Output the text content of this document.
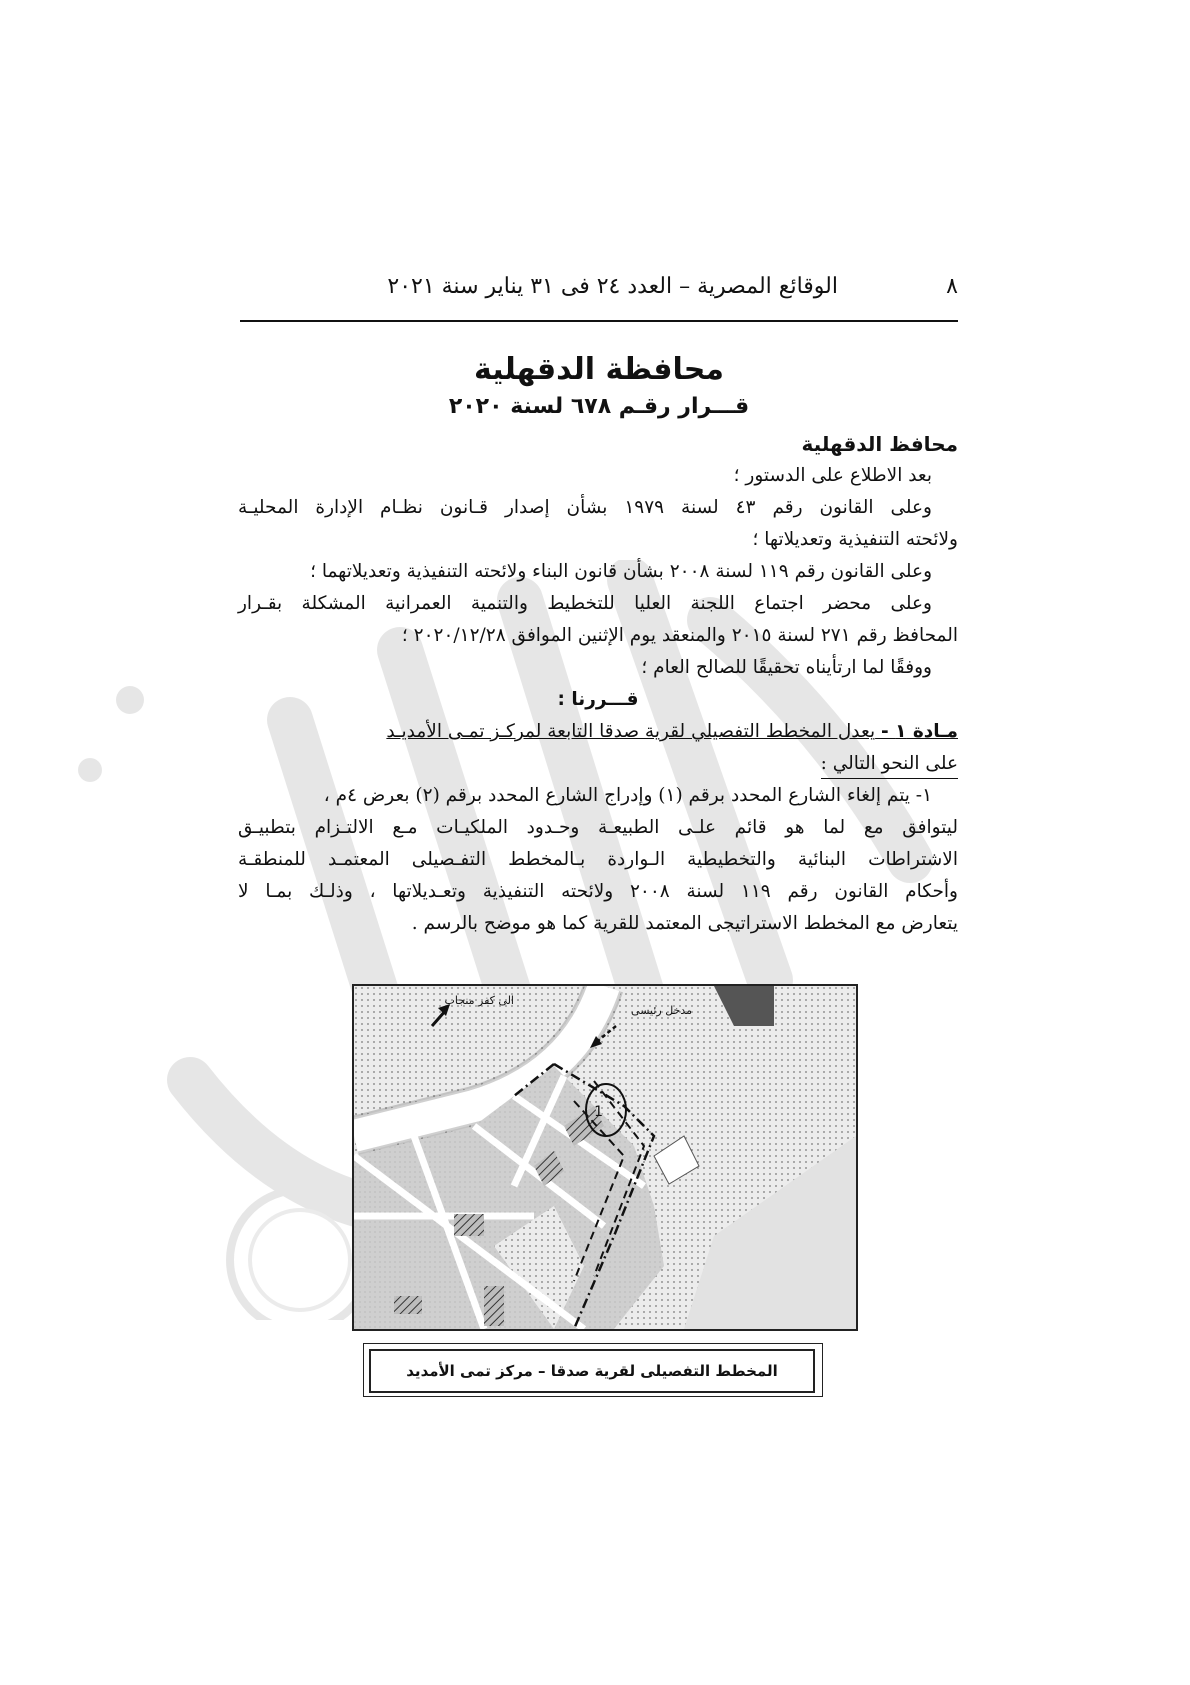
٨
الوقائع المصرية – العدد ٢٤ فى ٣١ يناير سنة ٢٠٢١
محافظة الدقهلية
قـــرار رقـم ٦٧٨ لسنة ٢٠٢٠

محافظ الدقهلية

بعد الاطلاع على الدستور ؛

وعلى القانون رقم ٤٣ لسنة ١٩٧٩ بشأن إصدار قـانون نظـام الإدارة المحليـة

ولائحته التنفيذية وتعديلاتها ؛

وعلى القانون رقم ١١٩ لسنة ٢٠٠٨ بشأن قانون البناء ولائحته التنفيذية وتعديلاتهما ؛

وعلى محضر اجتماع اللجنة العليا للتخطيط والتنمية العمرانية المشكلة بقـرار

المحافظ رقم ٢٧١ لسنة ٢٠١٥ والمنعقد يوم الإثنين الموافق ٢٠٢٠/١٢/٢٨ ؛

ووفقًا لما ارتأيناه تحقيقًا للصالح العام ؛

قـــررنا :

مـادة ١ - يعدل المخطط التفصيلي لقرية صدقا التابعة لمركـز تمـى الأمديـد

على النحو التالي :

١- يتم إلغاء الشارع المحدد برقم (١) وإدراج الشارع المحدد برقم (٢) بعرض ٤م ،

ليتوافق مع لما هو قائم علـى الطبيعـة وحـدود الملكيـات مـع الالتـزام بتطبيـق

الاشتراطات البنائية والتخطيطية الـواردة بـالمخطط التفـصيلى المعتمـد للمنطقـة

وأحكام القانون رقم ١١٩ لسنة ٢٠٠٨ ولائحته التنفيذية وتعـديلاتها ، وذلـك بمـا لا

يتعارض مع المخطط الاستراتيجى المعتمد للقرية كما هو موضح بالرسم .

1
الى كفر منجاب
مدخل رئيسى
المخطط التفصيلى لقرية صدقا – مركز تمى الأمديد
